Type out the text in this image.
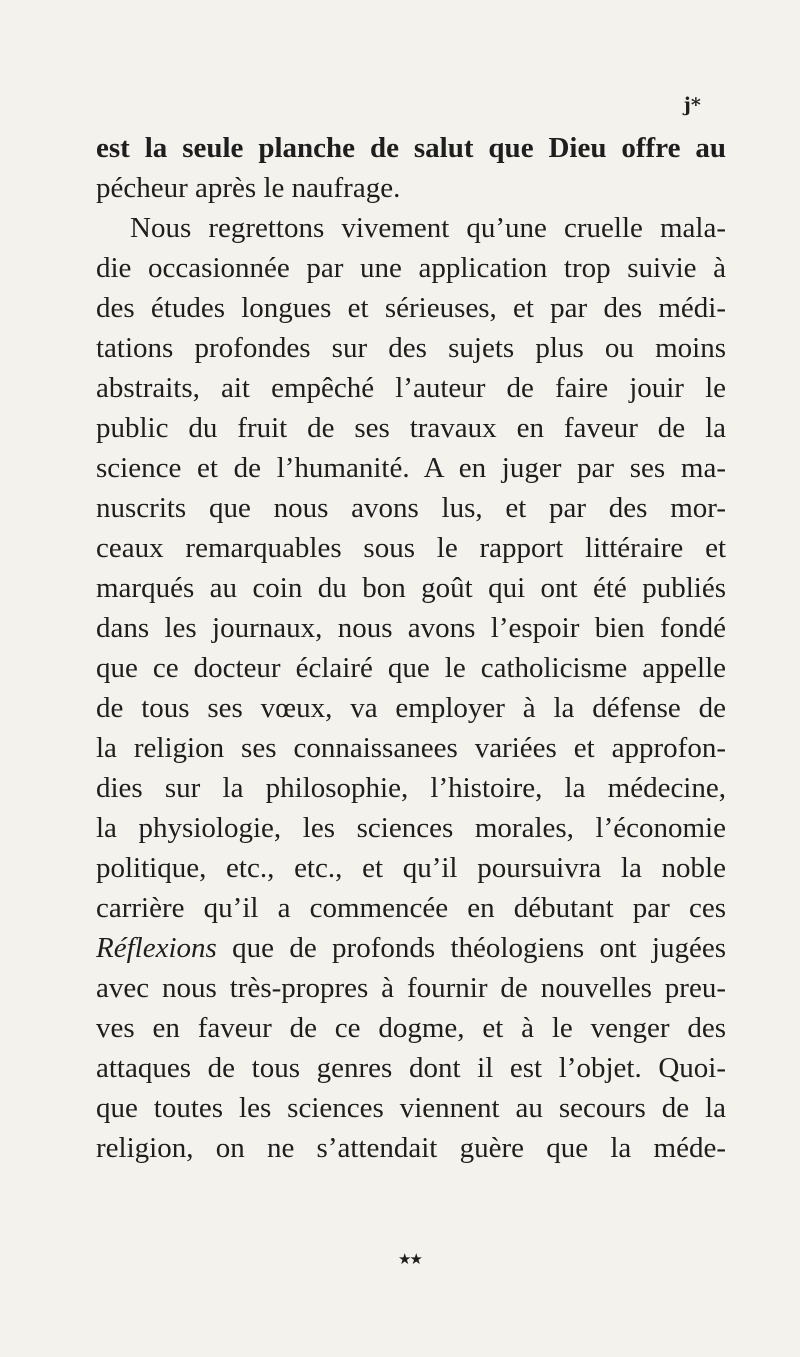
j*
est la seule planche de salut que Dieu offre au
pécheur après le naufrage.
Nous regrettons vivement qu’une cruelle mala-
die occasionnée par une application trop suivie à
des études longues et sérieuses, et par des médi-
tations profondes sur des sujets plus ou moins
abstraits, ait empêché l’auteur de faire jouir le
public du fruit de ses travaux en faveur de la
science et de l’humanité. A en juger par ses ma-
nuscrits que nous avons lus, et par des mor-
ceaux remarquables sous le rapport littéraire et
marqués au coin du bon goût qui ont été publiés
dans les journaux, nous avons l’espoir bien fondé
que ce docteur éclairé que le catholicisme appelle
de tous ses vœux, va employer à la défense de
la religion ses connaissanees variées et approfon-
dies sur la philosophie, l’histoire, la médecine,
la physiologie, les sciences morales, l’économie
politique, etc., etc., et qu’il poursuivra la noble
carrière qu’il a commencée en débutant par ces
Réflexions que de profonds théologiens ont jugées
avec nous très-propres à fournir de nouvelles preu-
ves en faveur de ce dogme, et à le venger des
attaques de tous genres dont il est l’objet. Quoi-
que toutes les sciences viennent au secours de la
religion, on ne s’attendait guère que la méde-
★★
